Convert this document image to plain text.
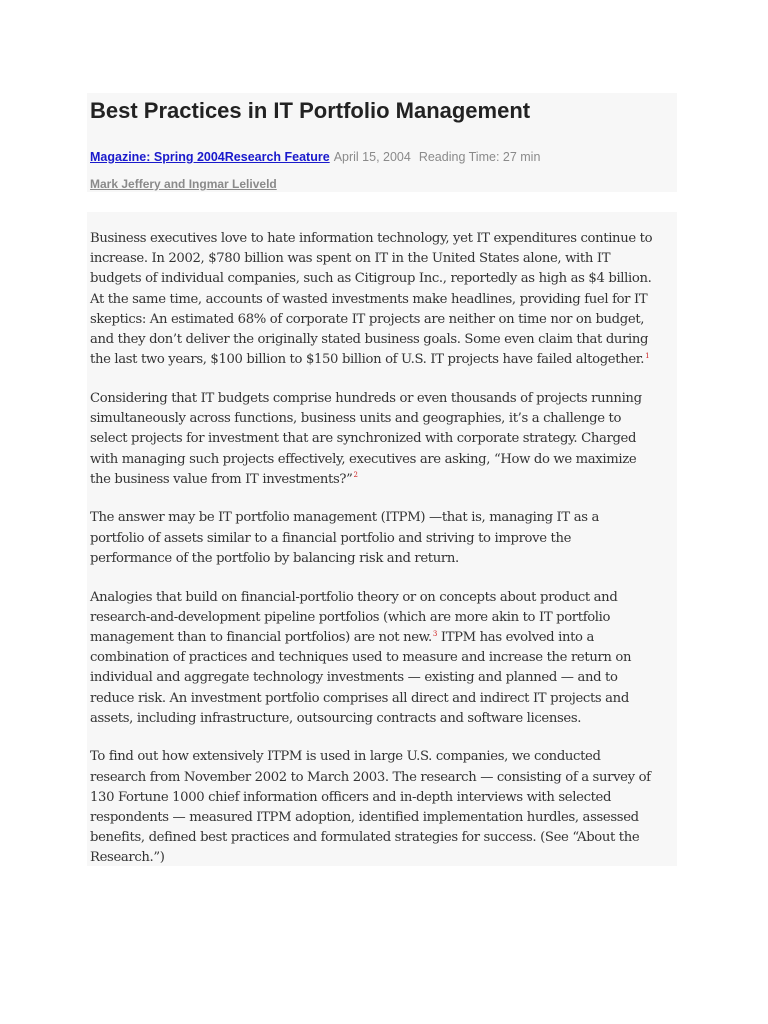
Best Practices in IT Portfolio Management
Magazine: Spring 2004Research Feature April 15, 2004 Reading Time: 27 min
Mark Jeffery and Ingmar Leliveld

Business executives love to hate information technology, yet IT expenditures continue to
increase. In 2002, $780 billion was spent on IT in the United States alone, with IT
budgets of individual companies, such as Citigroup Inc., reportedly as high as $4 billion.
At the same time, accounts of wasted investments make headlines, providing fuel for IT
skeptics: An estimated 68% of corporate IT projects are neither on time nor on budget,
and they don’t deliver the originally stated business goals. Some even claim that during
the last two years, $100 billion to $150 billion of U.S. IT projects have failed altogether.$^1$

Considering that IT budgets comprise hundreds or even thousands of projects running
simultaneously across functions, business units and geographies, it’s a challenge to
select projects for investment that are synchronized with corporate strategy. Charged
with managing such projects effectively, executives are asking, “How do we maximize
the business value from IT investments?”$^2$

The answer may be IT portfolio management (ITPM) —that is, managing IT as a
portfolio of assets similar to a financial portfolio and striving to improve the
performance of the portfolio by balancing risk and return.

Analogies that build on financial-portfolio theory or on concepts about product and
research-and-development pipeline portfolios (which are more akin to IT portfolio
management than to financial portfolios) are not new.$^3$ ITPM has evolved into a
combination of practices and techniques used to measure and increase the return on
individual and aggregate technology investments — existing and planned — and to
reduce risk. An investment portfolio comprises all direct and indirect IT projects and
assets, including infrastructure, outsourcing contracts and software licenses.

To find out how extensively ITPM is used in large U.S. companies, we conducted
research from November 2002 to March 2003. The research — consisting of a survey of
130 Fortune 1000 chief information officers and in-depth interviews with selected
respondents — measured ITPM adoption, identified implementation hurdles, assessed
benefits, defined best practices and formulated strategies for success. (See “About the
Research.”)
